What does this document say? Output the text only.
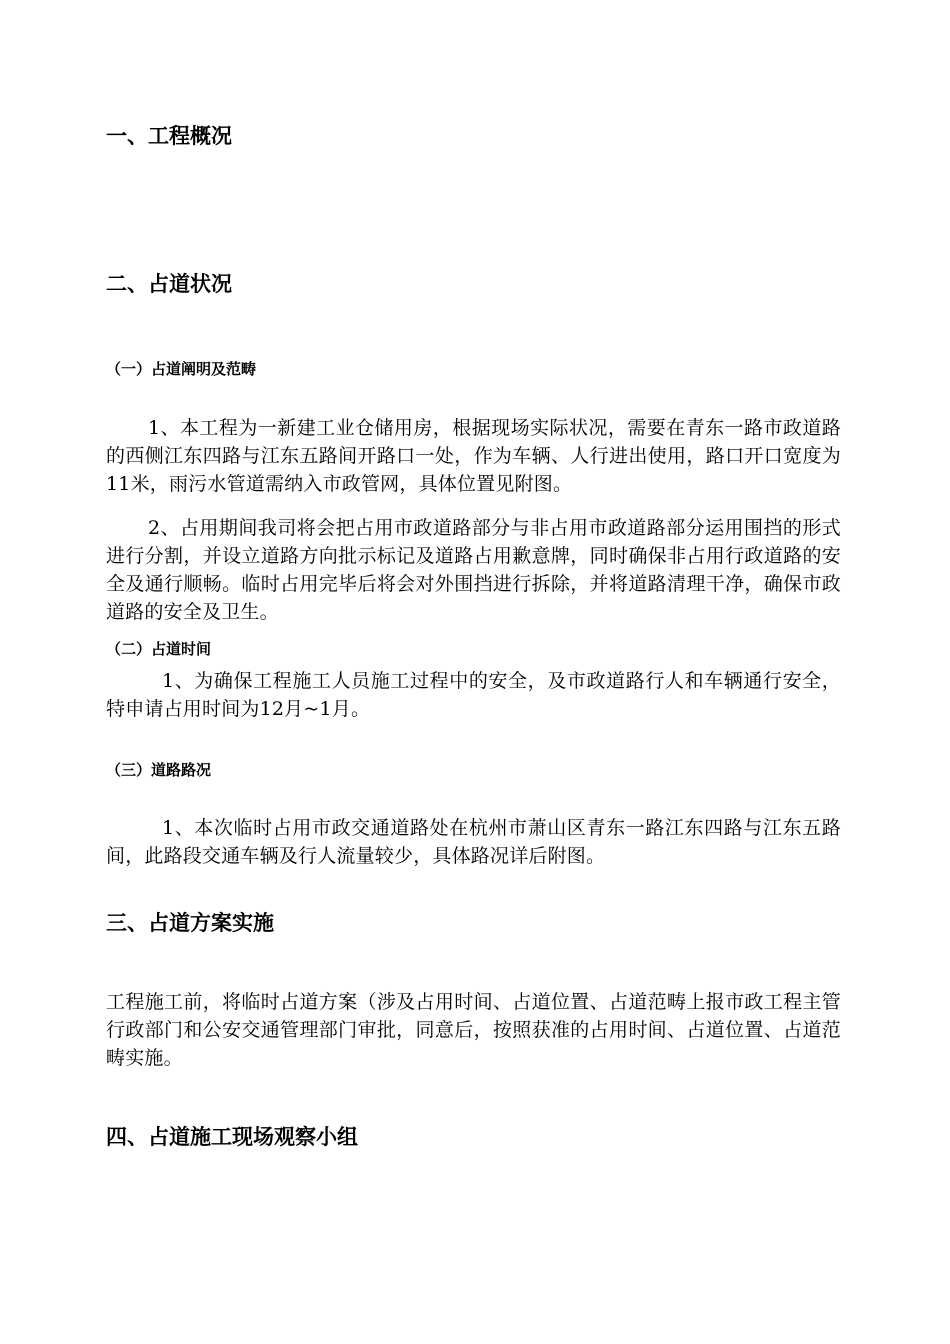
一、工程概况
二、占道状况
（一）占道阐明及范畴

1、本工程为一新建工业仓储用房，根据现场实际状况，需要在青东一路市政道路的西侧江东四路与江东五路间开路口一处，作为车辆、人行进出使用，路口开口宽度为11米，雨污水管道需纳入市政管网，具体位置见附图。

2、占用期间我司将会把占用市政道路部分与非占用市政道路部分运用围挡的形式进行分割，并设立道路方向批示标记及道路占用歉意牌，同时确保非占用行政道路的安全及通行顺畅。临时占用完毕后将会对外围挡进行拆除，并将道路清理干净，确保市政道路的安全及卫生。

（二）占道时间

1、为确保工程施工人员施工过程中的安全，及市政道路行人和车辆通行安全，特申请占用时间为12月~1月。

（三）道路路况

1、本次临时占用市政交通道路处在杭州市萧山区青东一路江东四路与江东五路间，此路段交通车辆及行人流量较少，具体路况详后附图。

三、占道方案实施

工程施工前，将临时占道方案（涉及占用时间、占道位置、占道范畴上报市政工程主管行政部门和公安交通管理部门审批，同意后，按照获准的占用时间、占道位置、占道范畴实施。

四、占道施工现场观察小组
